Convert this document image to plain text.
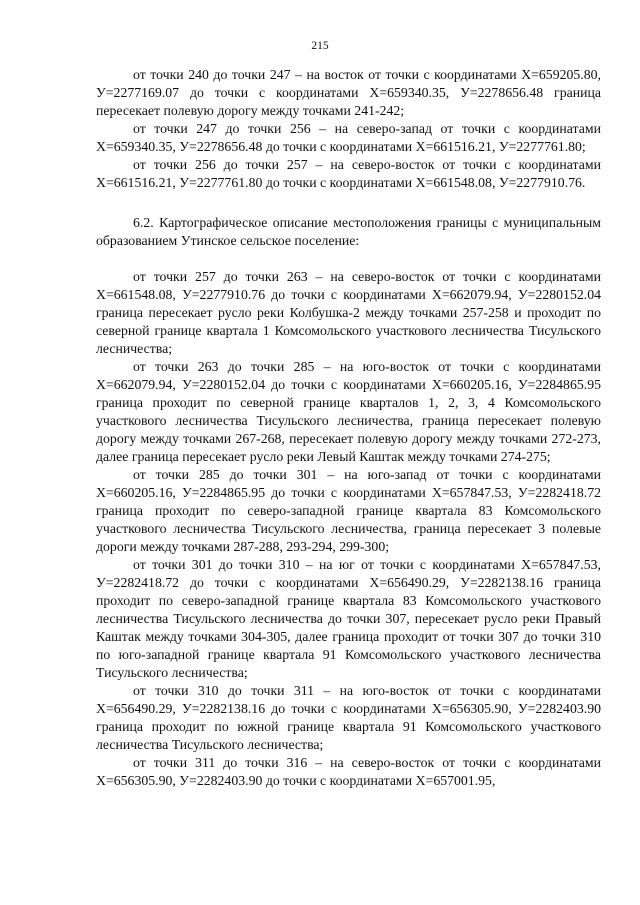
215

от точки 240 до точки 247 – на восток от точки с координатами X=659205.80, У=2277169.07 до точки с координатами X=659340.35, У=2278656.48 граница пересекает полевую дорогу между точками 241-242;

от точки 247 до точки 256 – на северо-запад от точки с координатами X=659340.35, У=2278656.48 до точки с координатами X=661516.21, У=2277761.80;

от точки 256 до точки 257 – на северо-восток от точки с координатами X=661516.21, У=2277761.80 до точки с координатами X=661548.08, У=2277910.76.

6.2. Картографическое описание местоположения границы с муниципальным образованием Утинское сельское поселение:

от точки 257 до точки 263 – на северо-восток от точки с координатами X=661548.08, У=2277910.76 до точки с координатами X=662079.94, У=2280152.04 граница пересекает русло реки Колбушка-2 между точками 257-258 и проходит по северной границе квартала 1 Комсомольского участкового лесничества Тисульского лесничества;

от точки 263 до точки 285 – на юго-восток от точки с координатами X=662079.94, У=2280152.04 до точки с координатами X=660205.16, У=2284865.95 граница проходит по северной границе кварталов 1, 2, 3, 4 Комсомольского участкового лесничества Тисульского лесничества, граница пересекает полевую дорогу между точками 267-268, пересекает полевую дорогу между точками 272-273, далее граница пересекает русло реки Левый Каштак между точками 274-275;

от точки 285 до точки 301 – на юго-запад от точки с координатами X=660205.16, У=2284865.95 до точки с координатами X=657847.53, У=2282418.72 граница проходит по северо-западной границе квартала 83 Комсомольского участкового лесничества Тисульского лесничества, граница пересекает 3 полевые дороги между точками 287-288, 293-294, 299-300;

от точки 301 до точки 310 – на юг от точки с координатами X=657847.53, У=2282418.72 до точки с координатами X=656490.29, У=2282138.16 граница проходит по северо-западной границе квартала 83 Комсомольского участкового лесничества Тисульского лесничества до точки 307, пересекает русло реки Правый Каштак между точками 304-305, далее граница проходит от точки 307 до точки 310 по юго-западной границе квартала 91 Комсомольского участкового лесничества Тисульского лесничества;

от точки 310 до точки 311 – на юго-восток от точки с координатами X=656490.29, У=2282138.16 до точки с координатами X=656305.90, У=2282403.90 граница проходит по южной границе квартала 91 Комсомольского участкового лесничества Тисульского лесничества;

от точки 311 до точки 316 – на северо-восток от точки с координатами X=656305.90, У=2282403.90 до точки с координатами X=657001.95,
